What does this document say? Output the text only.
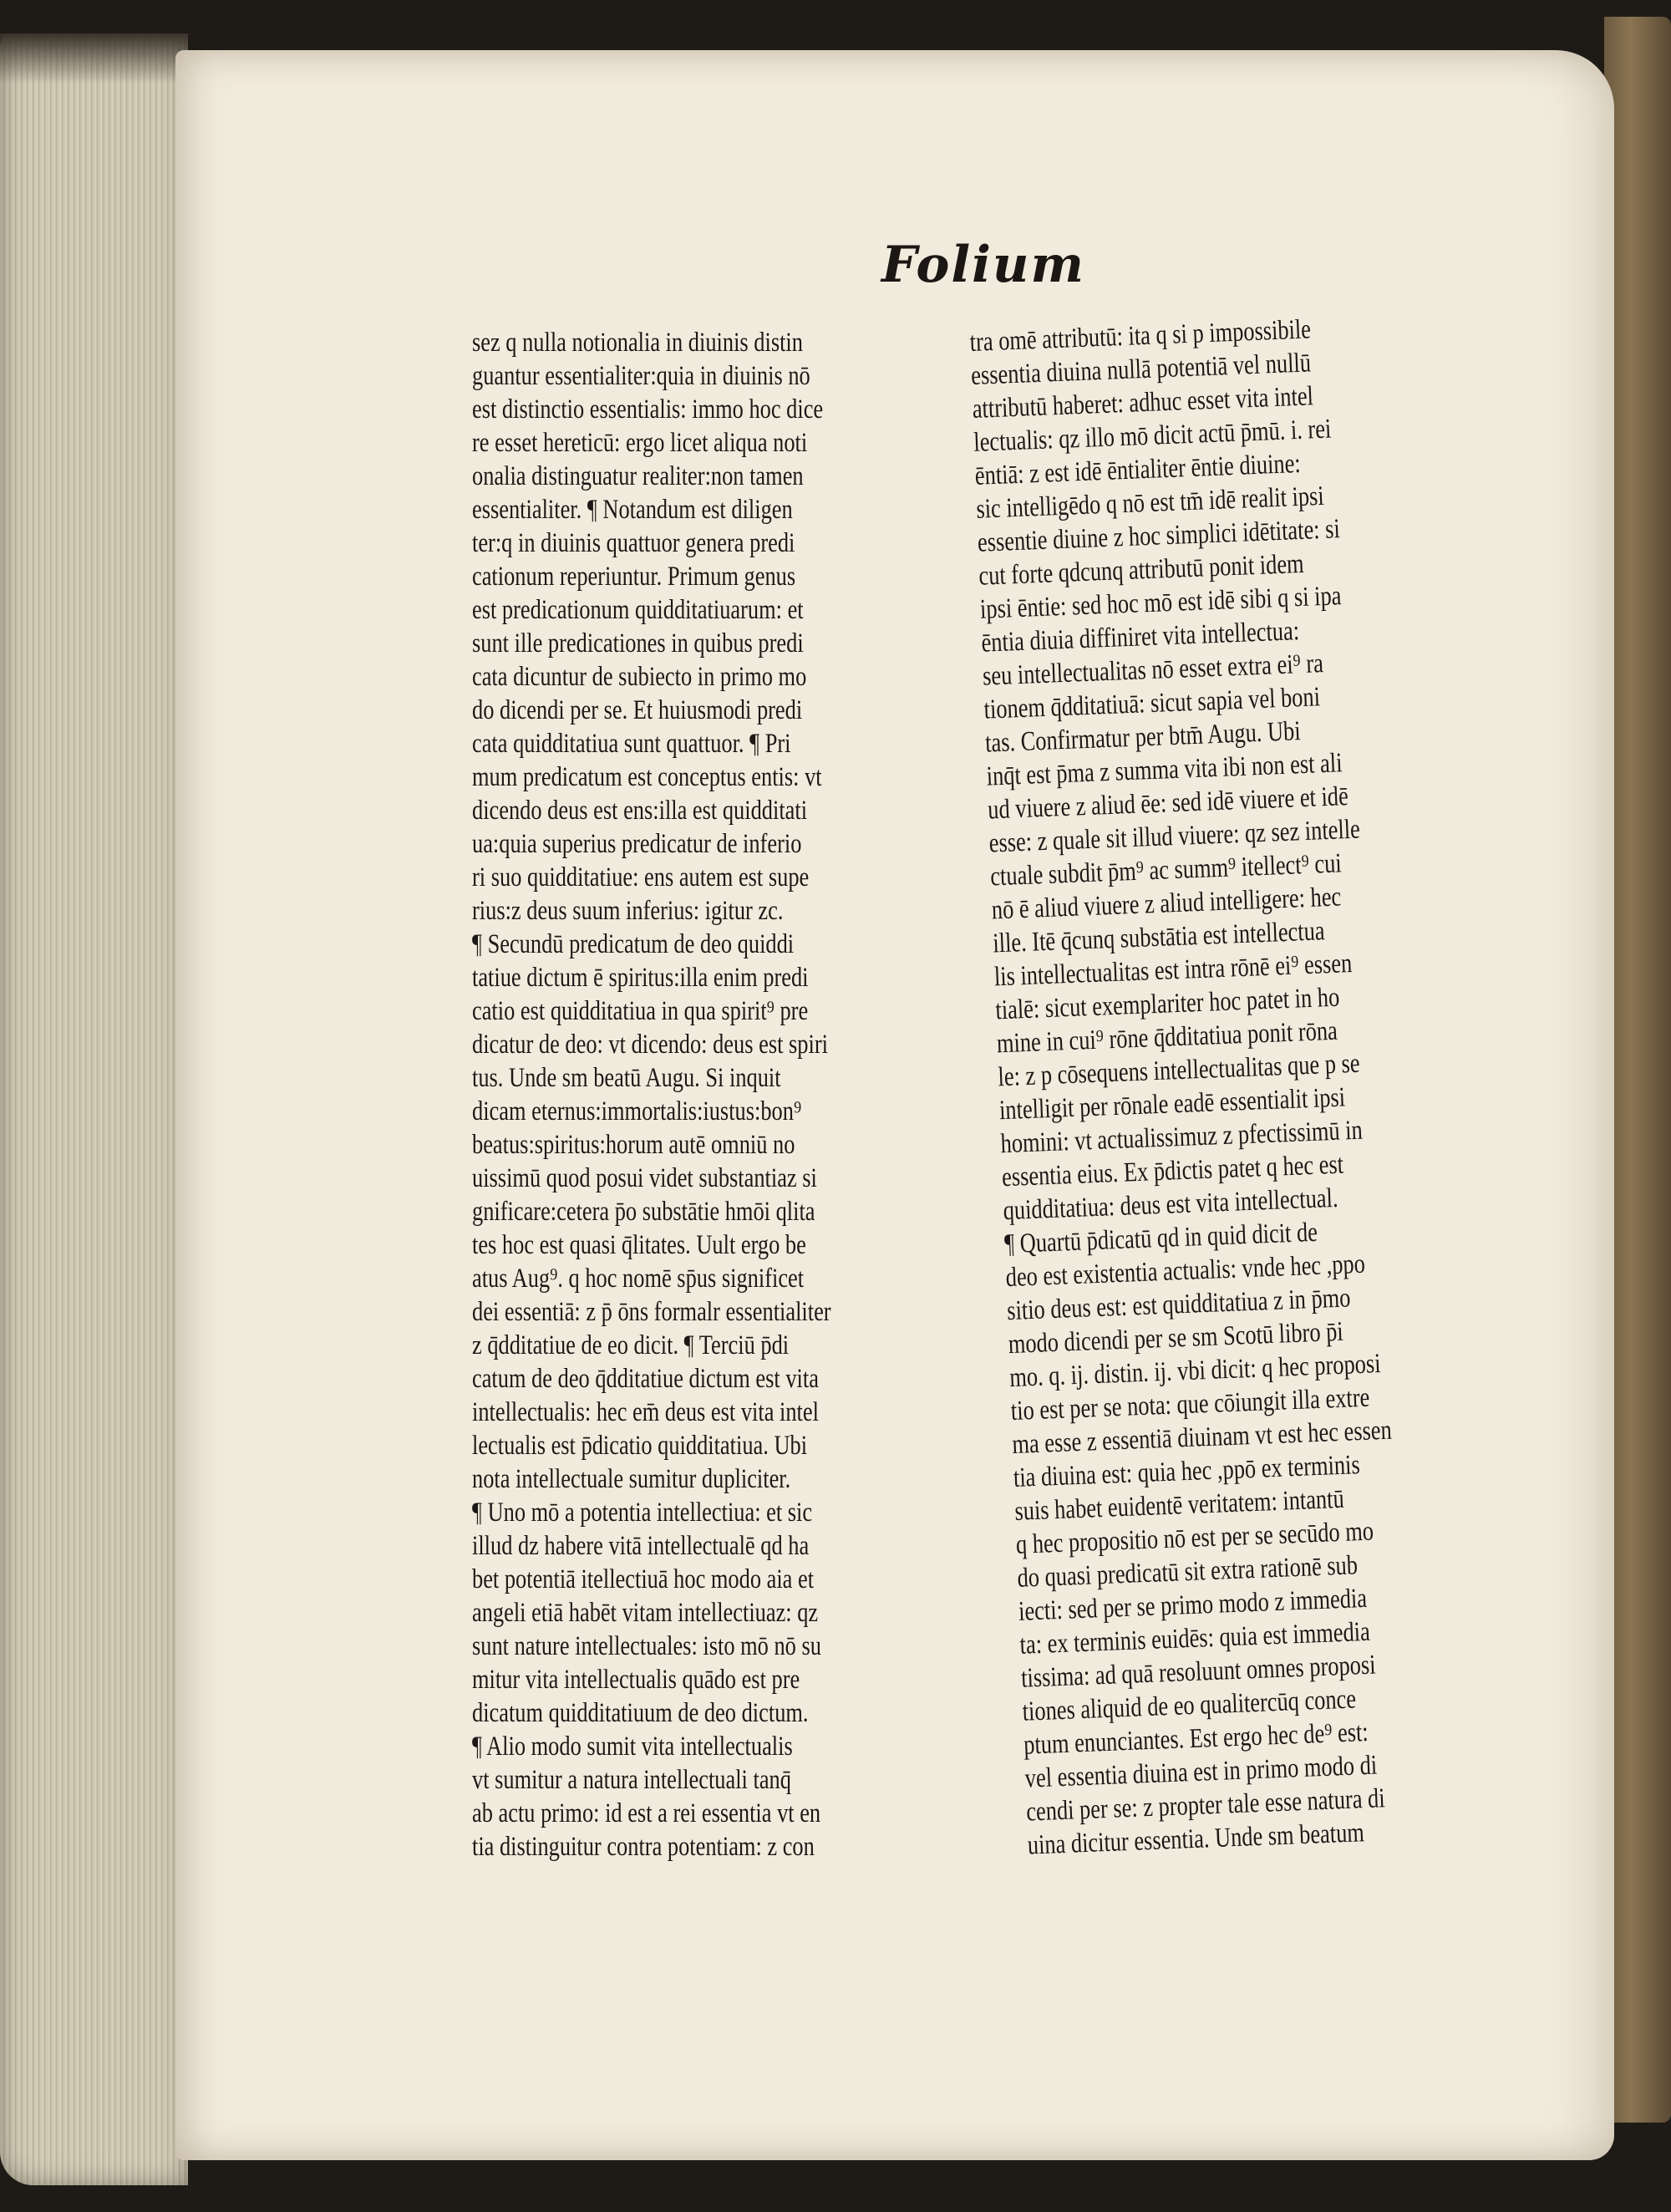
Folium
sez q nulla notionalia in diuinis distin
guantur essentialiter:quia in diuinis nō
est distinctio essentialis: immo hoc dice
re esset hereticū: ergo licet aliqua noti
onalia distinguatur realiter:non tamen
essentialiter. ¶ Notandum est diligen
ter:q in diuinis quattuor genera predi
cationum reperiuntur. Primum genus
est predicationum quidditatiuarum: et
sunt ille predicationes in quibus predi
cata dicuntur de subiecto in primo mo
do dicendi per se. Et huiusmodi predi
cata quidditatiua sunt quattuor. ¶ Pri
mum predicatum est conceptus entis: vt
dicendo deus est ens:illa est quidditati
ua:quia superius predicatur de inferio
ri suo quidditatiue: ens autem est supe
rius:z deus suum inferius: igitur zc.
¶ Secundū predicatum de deo quiddi
tatiue dictum ē spiritus:illa enim predi
catio est quidditatiua in qua spirit⁹ pre
dicatur de deo: vt dicendo: deus est spiri
tus. Unde sm beatū Augu. Si inquit
dicam eternus:immortalis:iustus:bon⁹
beatus:spiritus:horum autē omniū no
uissimū quod posui videt substantiaz si
gnificare:cetera p̄o substātie hmōi qlita
tes hoc est quasi q̄litates. Uult ergo be
atus Aug⁹. q hoc nomē sp̄us significet
dei essentiā: z p̄ ōns formalr essentialiter
z q̄dditatiue de eo dicit. ¶ Terciū p̄di
catum de deo q̄dditatiue dictum est vita
intellectualis: hec em̄ deus est vita intel
lectualis est p̄dicatio quidditatiua. Ubi
nota intellectuale sumitur dupliciter.
¶ Uno mō a potentia intellectiua: et sic
illud dz habere vitā intellectualē qd ha
bet potentiā itellectiuā hoc modo aia et
angeli etiā habēt vitam intellectiuaz: qz
sunt nature intellectuales: isto mō nō su
mitur vita intellectualis quādo est pre
dicatum quidditatiuum de deo dictum.
¶ Alio modo sumit vita intellectualis
vt sumitur a natura intellectuali tanq̄
ab actu primo: id est a rei essentia vt en
tia distinguitur contra potentiam: z con
tra omē attributū: ita q si p impossibile
essentia diuina nullā potentiā vel nullū
attributū haberet: adhuc esset vita intel
lectualis: qz illo mō dicit actū p̄mū. i. rei
ēntiā: z est idē ēntialiter ēntie diuine:
sic intelligēdo q nō est tm̄ idē realit ipsi
essentie diuine z hoc simplici idētitate: si
cut forte qdcunq attributū ponit idem
ipsi ēntie: sed hoc mō est idē sibi q si ipa
ēntia diuia diffiniret vita intellectua:
seu intellectualitas nō esset extra ei⁹ ra
tionem q̄dditatiuā: sicut sapia vel boni
tas. Confirmatur per btm̄ Augu. Ubi
inq̄t est p̄ma z summa vita ibi non est ali
ud viuere z aliud ēe: sed idē viuere et idē
esse: z quale sit illud viuere: qz sez intelle
ctuale subdit p̄m⁹ ac summ⁹ itellect⁹ cui
nō ē aliud viuere z aliud intelligere: hec
ille. Itē q̄cunq substātia est intellectua
lis intellectualitas est intra rōnē ei⁹ essen
tialē: sicut exemplariter hoc patet in ho
mine in cui⁹ rōne q̄dditatiua ponit rōna
le: z p cōsequens intellectualitas que p se
intelligit per rōnale eadē essentialit ipsi
homini: vt actualissimuz z pfectissimū in
essentia eius. Ex p̄dictis patet q hec est
quidditatiua: deus est vita intellectual.
¶ Quartū p̄dicatū qd in quid dicit de
deo est existentia actualis: vnde hec ,ppo
sitio deus est: est quidditatiua z in p̄mo
modo dicendi per se sm Scotū libro p̄i
mo. q. ij. distin. ij. vbi dicit: q hec proposi
tio est per se nota: que cōiungit illa extre
ma esse z essentiā diuinam vt est hec essen
tia diuina est: quia hec ,ppō ex terminis
suis habet euidentē veritatem: intantū
q hec propositio nō est per se secūdo mo
do quasi predicatū sit extra rationē sub
iecti: sed per se primo modo z immedia
ta: ex terminis euidēs: quia est immedia
tissima: ad quā resoluunt omnes proposi
tiones aliquid de eo qualitercūq conce
ptum enunciantes. Est ergo hec de⁹ est:
vel essentia diuina est in primo modo di
cendi per se: z propter tale esse natura di
uina dicitur essentia. Unde sm beatum
